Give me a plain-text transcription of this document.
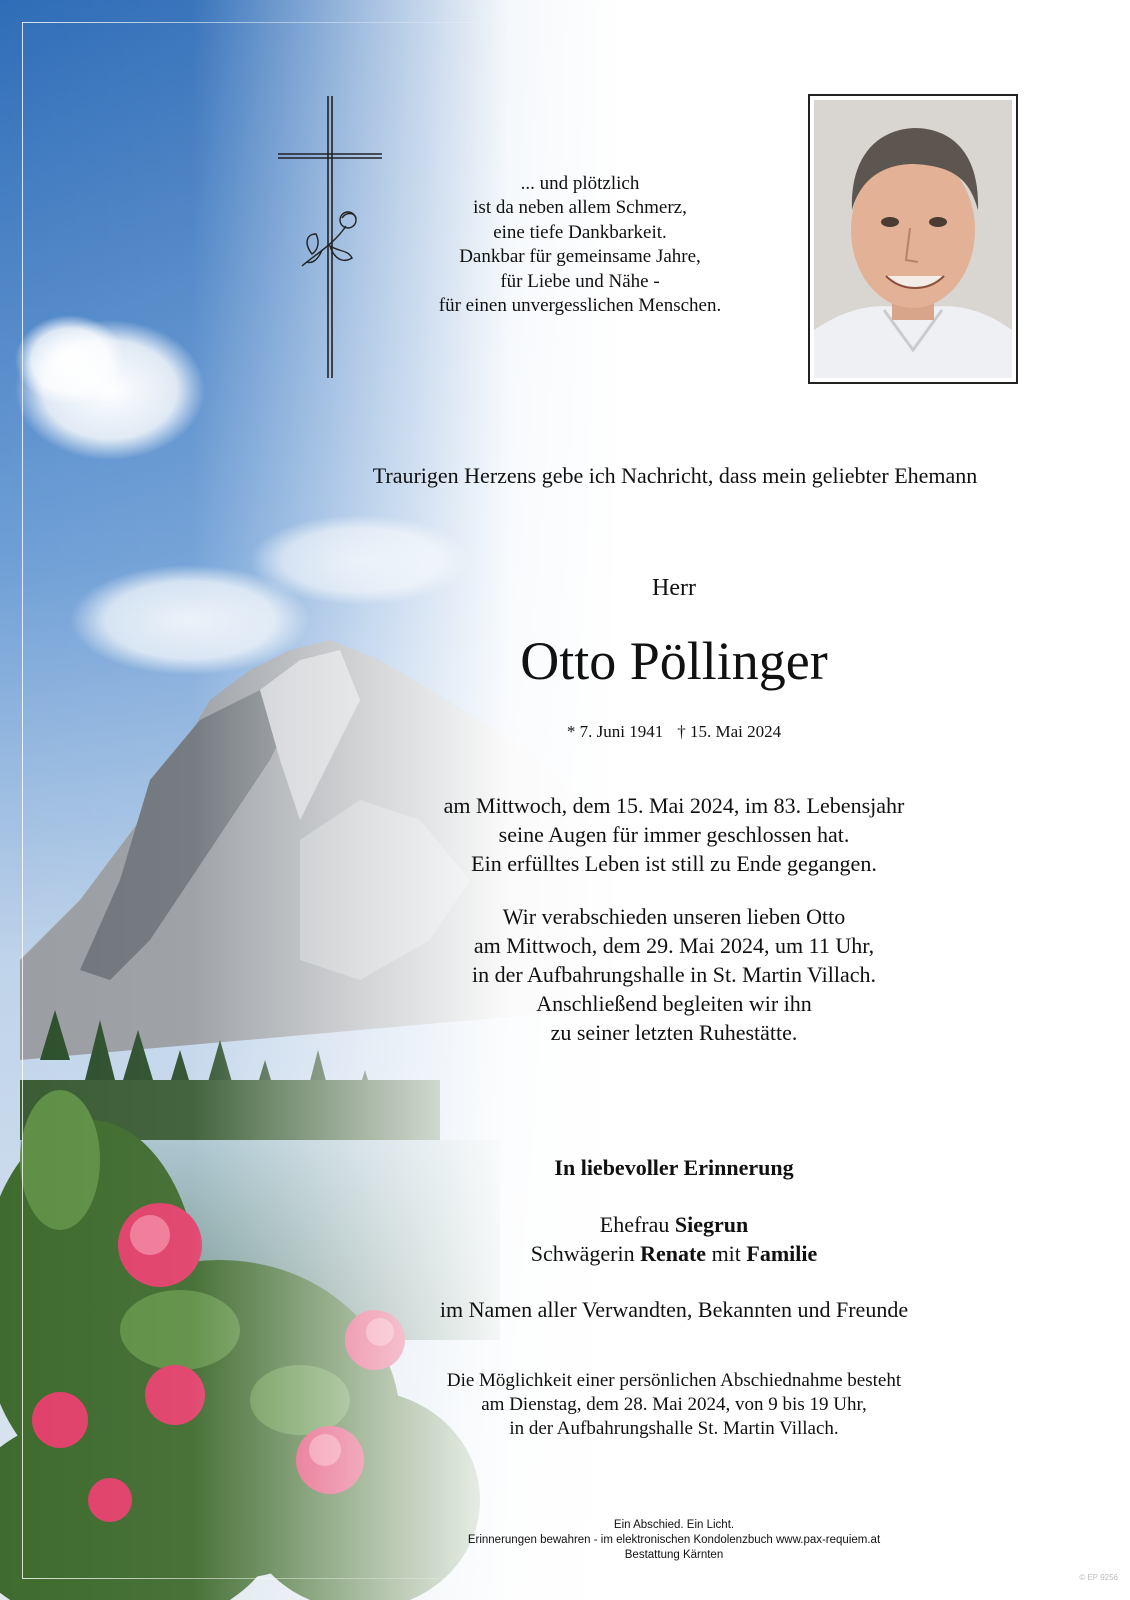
... und plötzlich
ist da neben allem Schmerz,
eine tiefe Dankbarkeit.
Dankbar für gemeinsame Jahre,
für Liebe und Nähe -
für einen unvergesslichen Menschen.
Traurigen Herzens gebe ich Nachricht, dass mein geliebter Ehemann
Herr
Otto Pöllinger
* 7. Juni 1941 † 15. Mai 2024
am Mittwoch, dem 15. Mai 2024, im 83. Lebensjahr
seine Augen für immer geschlossen hat.
Ein erfülltes Leben ist still zu Ende gegangen.
Wir verabschieden unseren lieben Otto
am Mittwoch, dem 29. Mai 2024, um 11 Uhr,
in der Aufbahrungshalle in St. Martin Villach.
Anschließend begleiten wir ihn
zu seiner letzten Ruhestätte.
In liebevoller Erinnerung
Ehefrau Siegrun
Schwägerin Renate mit Familie
im Namen aller Verwandten, Bekannten und Freunde
Die Möglichkeit einer persönlichen Abschiednahme besteht
am Dienstag, dem 28. Mai 2024, von 9 bis 19 Uhr,
in der Aufbahrungshalle St. Martin Villach.
Ein Abschied. Ein Licht.
Erinnerungen bewahren - im elektronischen Kondolenzbuch www.pax-requiem.at
Bestattung Kärnten
© EP 9256
